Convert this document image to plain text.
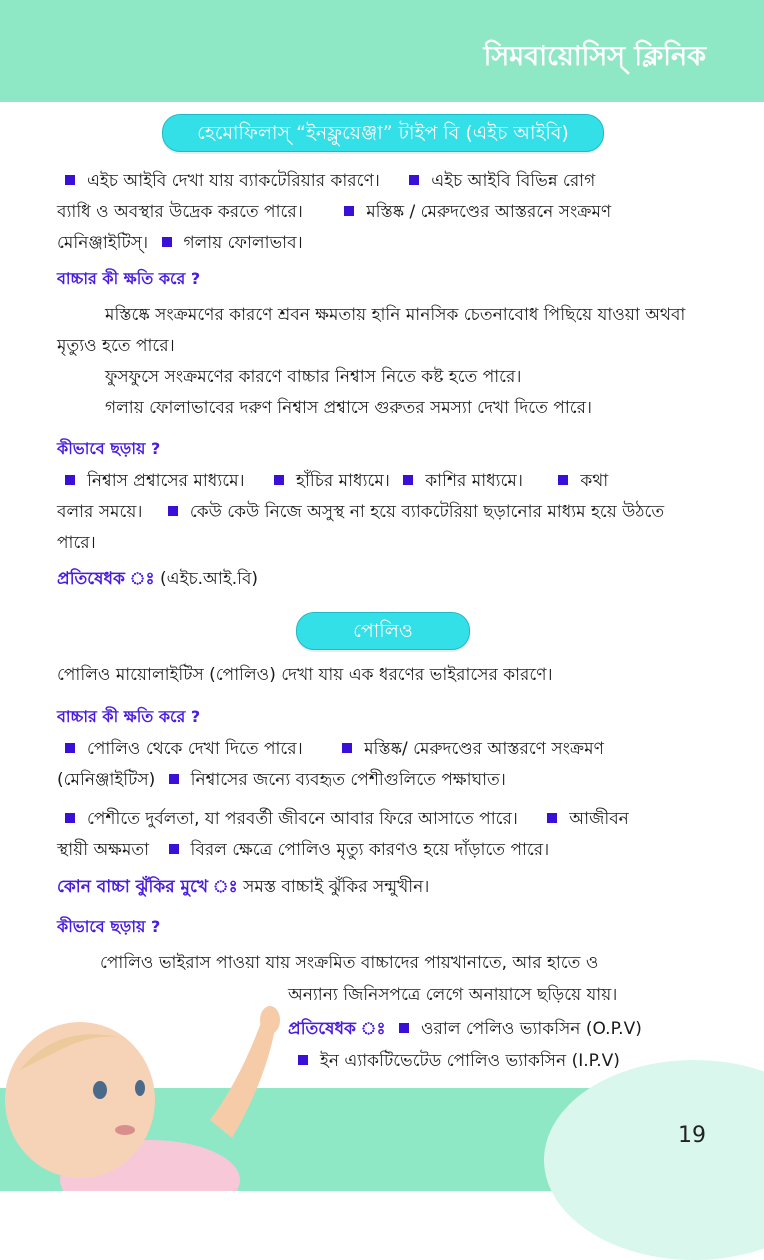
সিমবায়োসিস্ ক্লিনিক
হেমোফিলাস্ “ইনফ্লুয়েঞ্জা” টাইপ বি (এইচ আইবি)
এইচ আইবি দেখা যায় ব্যাকটেরিয়ার কারণে।	এইচ আইবি বিভিন্ন রোগ
ব্যাধি ও অবস্থার উদ্রেক করতে পারে।	মস্তিষ্ক / মেরুদণ্ডের আস্তরনে সংক্রমণ
মেনিঞ্জাইটিস্। গলায় ফোলাভাব।
বাচ্চার কী ক্ষতি করে ?

মস্তিষ্কে সংক্রমণের কারণে শ্রবন ক্ষমতায় হানি মানসিক চেতনাবোধ পিছিয়ে যাওয়া অথবা মৃত্যুও হতে পারে।

ফুসফুসে সংক্রমণের কারণে বাচ্চার নিশ্বাস নিতে কষ্ট হতে পারে।

গলায় ফোলাভাবের দরুণ নিশ্বাস প্রশ্বাসে গুরুতর সমস্যা দেখা দিতে পারে।

কীভাবে ছড়ায় ?
নিশ্বাস প্রশ্বাসের মাধ্যমে।	হাঁচির মাধ্যমে। কাশির মাধ্যমে।	কথা
বলার সময়ে।	কেউ কেউ নিজে অসুস্থ না হয়ে ব্যাকটেরিয়া ছড়ানোর মাধ্যম হয়ে উঠতে পারে।
প্রতিষেধক ঃ (এইচ.আই.বি)
পোলিও
পোলিও মায়োলাইটিস (পোলিও) দেখা যায় এক ধরণের ভাইরাসের কারণে।
বাচ্চার কী ক্ষতি করে ?
পোলিও থেকে দেখা দিতে পারে।	মস্তিষ্ক/ মেরুদণ্ডের আস্তরণে সংক্রমণ
(মেনিঞ্জাইটিস) নিশ্বাসের জন্যে ব্যবহৃত পেশীগুলিতে পক্ষাঘাত।
পেশীতে দুর্বলতা, যা পরবর্তী জীবনে আবার ফিরে আসাতে পারে।	আজীবন
স্থায়ী অক্ষমতা বিরল ক্ষেত্রে পোলিও মৃত্যু কারণও হয়ে দাঁড়াতে পারে।
কোন বাচ্চা ঝুঁকির মুখে ঃ সমস্ত বাচ্চাই ঝুঁকির সন্মুখীন।
কীভাবে ছড়ায় ?
পোলিও ভাইরাস পাওয়া যায় সংক্রমিত বাচ্চাদের পায়খানাতে, আর হাতে ও
অন্যান্য জিনিসপত্রে লেগে অনায়াসে ছড়িয়ে যায়।
প্রতিষেধক ঃ ওরাল পেলিও ভ্যাকসিন (O.P.V)
ইন এ্যাকটিভেটেড পোলিও ভ্যাকসিন (I.P.V)
19
